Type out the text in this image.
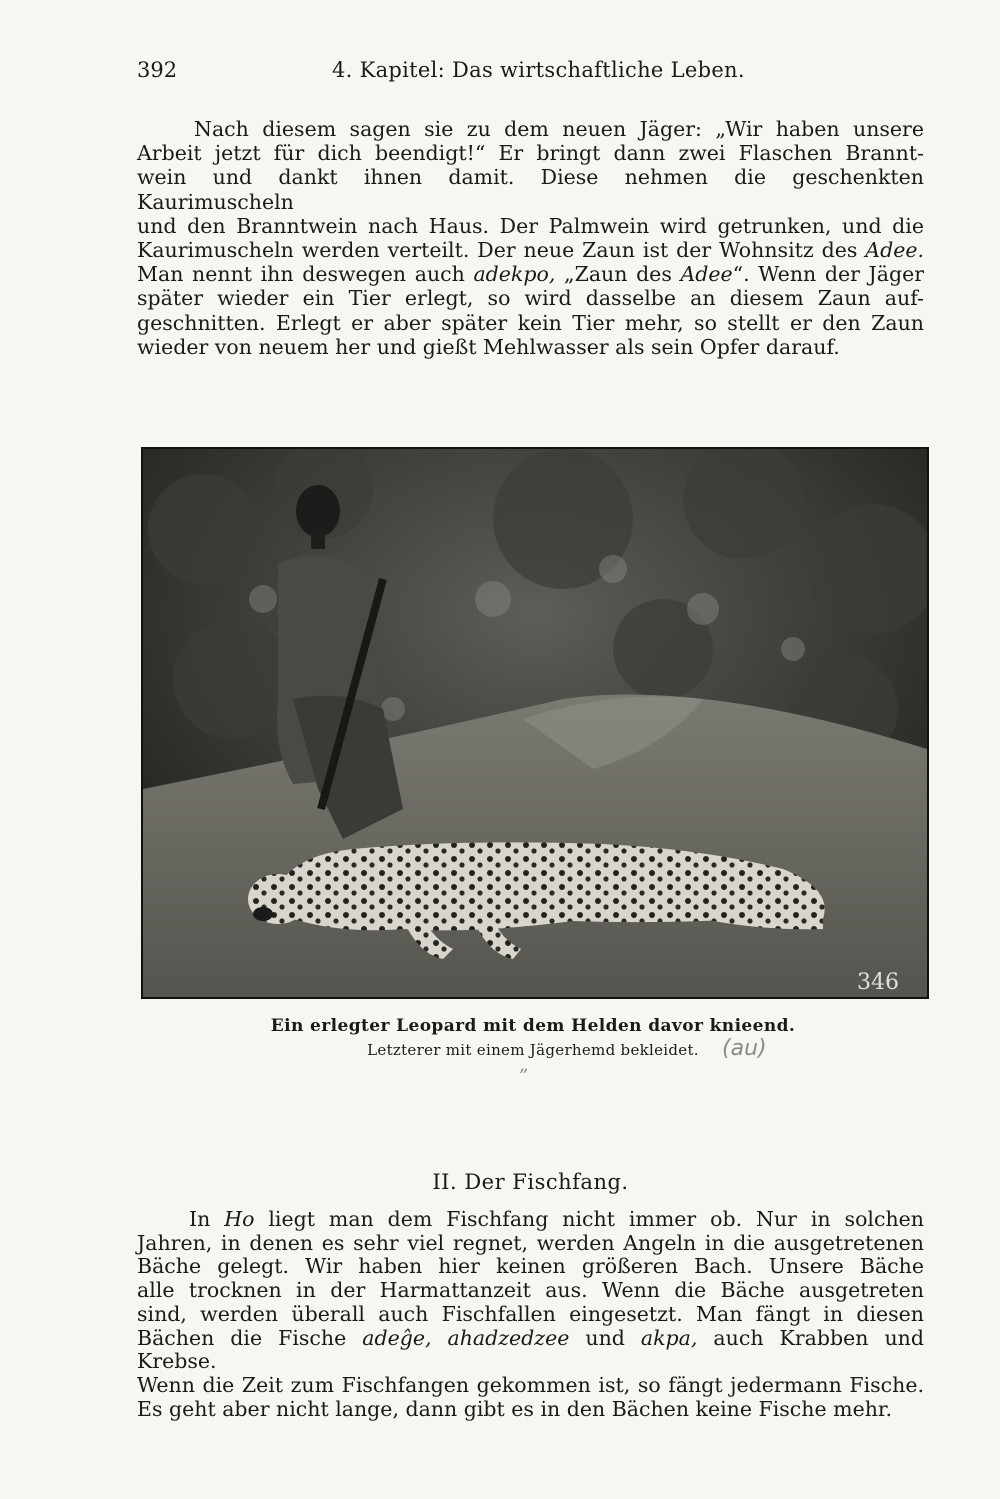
392	4. Kapitel: Das wirtschaftliche Leben.

Nach diesem sagen sie zu dem neuen Jäger: „Wir haben unsere
Arbeit jetzt für dich beendigt!“ Er bringt dann zwei Flaschen Brannt-
wein und dankt ihnen damit. Diese nehmen die geschenkten Kaurimuscheln
und den Branntwein nach Haus. Der Palmwein wird getrunken, und die
Kaurimuscheln werden verteilt. Der neue Zaun ist der Wohnsitz des Adee.
Man nennt ihn deswegen auch adekpo, „Zaun des Adee“. Wenn der Jäger
später wieder ein Tier erlegt, so wird dasselbe an diesem Zaun auf-
geschnitten. Erlegt er aber später kein Tier mehr, so stellt er den Zaun
wieder von neuem her und gießt Mehlwasser als sein Opfer darauf.

346
Ein erlegter Leopard mit dem Helden davor knieend.
Letzterer mit einem Jägerhemd bekleidet.	(au)
„
II. Der Fischfang.

In Ho liegt man dem Fischfang nicht immer ob. Nur in solchen
Jahren, in denen es sehr viel regnet, werden Angeln in die ausgetretenen
Bäche gelegt. Wir haben hier keinen größeren Bach. Unsere Bäche
alle trocknen in der Harmattanzeit aus. Wenn die Bäche ausgetreten
sind, werden überall auch Fischfallen eingesetzt. Man fängt in diesen
Bächen die Fische adeĝe, ahadzedzee und akpa, auch Krabben und Krebse.
Wenn die Zeit zum Fischfangen gekommen ist, so fängt jedermann Fische.
Es geht aber nicht lange, dann gibt es in den Bächen keine Fische mehr.
